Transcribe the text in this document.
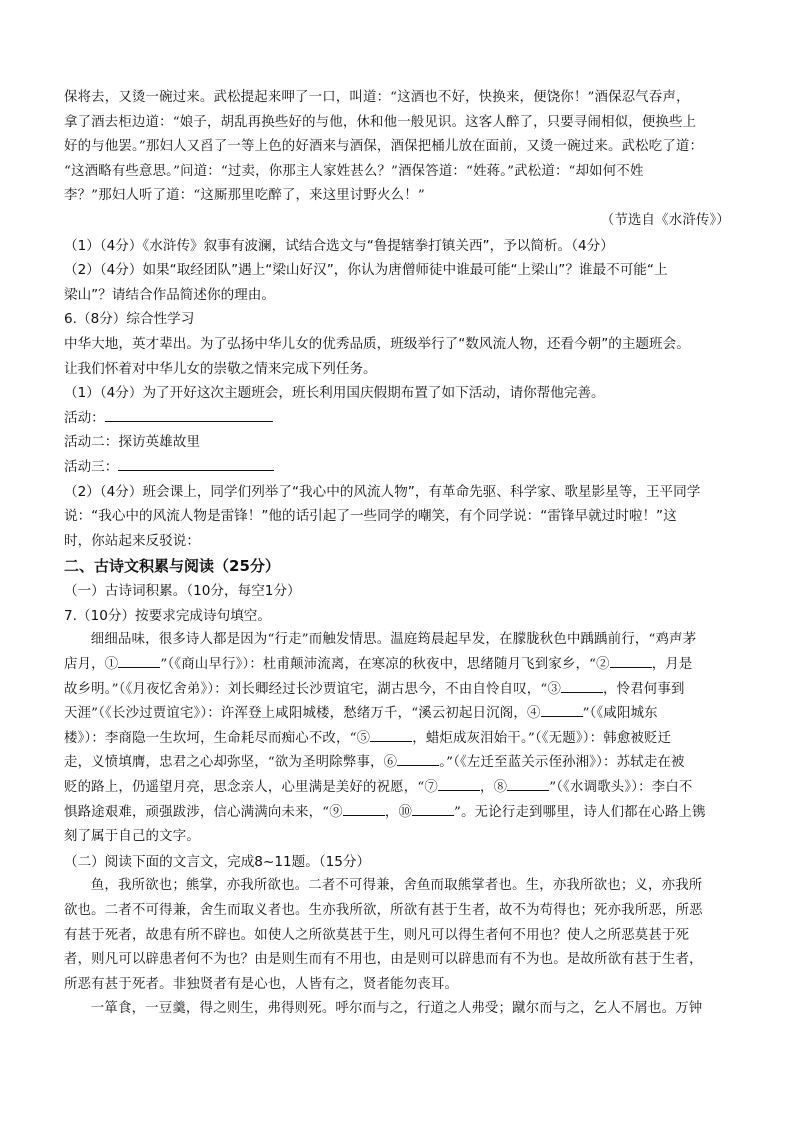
保将去，又烫一碗过来。武松提起来呷了一口，叫道：“这酒也不好，快换来，便饶你！”酒保忍气吞声，

拿了酒去柜边道：“娘子，胡乱再换些好的与他，休和他一般见识。这客人醉了，只要寻闹相似，便换些上

好的与他罢。”那妇人又舀了一等上色的好酒来与酒保，酒保把桶儿放在面前，又烫一碗过来。武松吃了道：

“这酒略有些意思。”问道：“过卖，你那主人家姓甚么？”酒保答道：“姓蒋。”武松道：“却如何不姓

李？”那妇人听了道：“这厮那里吃醉了，来这里讨野火么！”

（节选自《水浒传》）

（1）（4分）《水浒传》叙事有波澜，试结合选文与“鲁提辖拳打镇关西”，予以简析。（4分）

（2）（4分）如果“取经团队”遇上“梁山好汉”，你认为唐僧师徒中谁最可能“上梁山”？谁最不可能“上

梁山”？请结合作品简述你的理由。

6.（8分）综合性学习

中华大地，英才辈出。为了弘扬中华儿女的优秀品质，班级举行了“数风流人物，还看今朝”的主题班会。

让我们怀着对中华儿女的崇敬之情来完成下列任务。

（1）（4分）为了开好这次主题班会，班长利用国庆假期布置了如下活动，请你帮他完善。

活动：

活动二：探访英雄故里

活动三：

（2）（4分）班会课上，同学们列举了“我心中的风流人物”，有革命先驱、科学家、歌星影星等，王平同学

说：“我心中的风流人物是雷锋！”他的话引起了一些同学的嘲笑，有个同学说：“雷锋早就过时啦！”这

时，你站起来反驳说：

二、古诗文积累与阅读（25分）

（一）古诗词积累。（10分，每空1分）

7.（10分）按要求完成诗句填空。

细细品味，很多诗人都是因为“行走”而触发情思。温庭筠晨起早发，在朦胧秋色中踽踽前行，“鸡声茅

店月，①	”（《商山早行》）：杜甫颠沛流离，在寒凉的秋夜中，思绪随月飞到家乡，“②	，月是

故乡明。”（《月夜忆舍弟》）：刘长卿经过长沙贾谊宅，湖古思今，不由自怜自叹，“③	，怜君何事到

天涯”（《长沙过贾谊宅》）：许浑登上咸阳城楼，愁绪万千，“溪云初起日沉阁，④	”（《咸阳城东

楼》）：李商隐一生坎坷，生命耗尽而痴心不改，“⑤	，蜡炬成灰泪始干。”（《无题》）：韩愈被贬迁

走，义愤填膺，忠君之心却弥坚，“欲为圣明除弊事，⑥	。”（《左迁至蓝关示侄孙湘》）：苏轼走在被

贬的路上，仍遥望月亮，思念亲人，心里满是美好的祝愿，“⑦	，⑧	”（《水调歌头》）：李白不

惧路途艰难，顽强跋涉，信心满满向未来，“⑨	，⑩	”。无论行走到哪里，诗人们都在心路上镌

刻了属于自己的文字。

（二）阅读下面的文言文，完成8~11题。（15分）

鱼，我所欲也；熊掌，亦我所欲也。二者不可得兼，舍鱼而取熊掌者也。生，亦我所欲也；义，亦我所

欲也。二者不可得兼，舍生而取义者也。生亦我所欲，所欲有甚于生者，故不为苟得也；死亦我所恶，所恶

有甚于死者，故患有所不辟也。如使人之所欲莫甚于生，则凡可以得生者何不用也？使人之所恶莫甚于死

者，则凡可以辟患者何不为也？由是则生而有不用也，由是则可以辟患而有不为也。是故所欲有甚于生者，

所恶有甚于死者。非独贤者有是心也，人皆有之，贤者能勿丧耳。

一箪食，一豆羹，得之则生，弗得则死。呼尔而与之，行道之人弗受；蹴尔而与之，乞人不屑也。万钟
